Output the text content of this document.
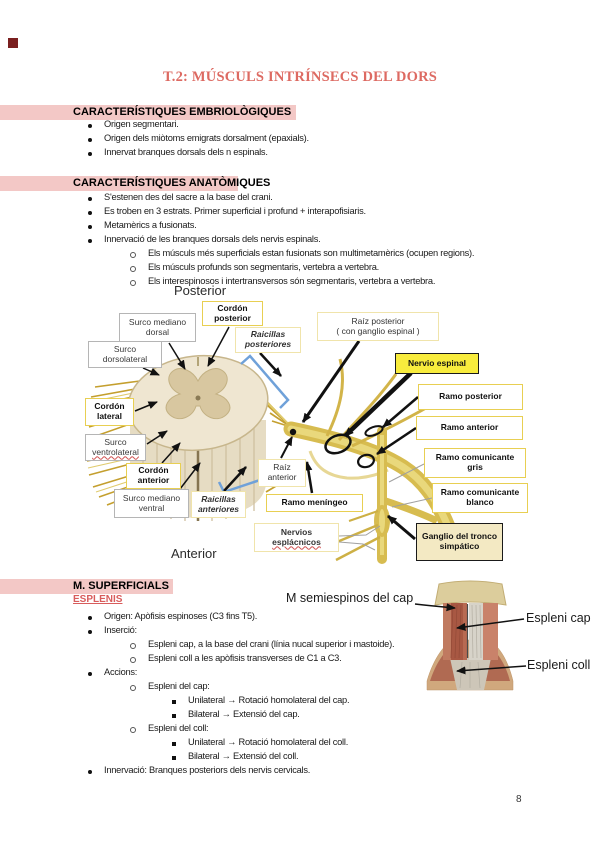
T.2: MÚSCULS INTRÍNSECS DEL DORS
CARACTERÍSTIQUES EMBRIOLÒGIQUES
Origen segmentari.
Origen dels miòtoms emigrats dorsalment (epaxials).
Innervat branques dorsals dels n espinals.
CARACTERÍSTIQUES ANATÒMIQUES
S'estenen des del sacre a la base del crani.
Es troben en 3 estrats. Primer superficial i profund + interapofisiaris.
Metamèrics a fusionats.
Innervació de les branques dorsals dels nervis espinals.
Els músculs més superficials estan fusionats son multimetamèrics (ocupen regions).
Els músculs profunds son segmentaris, vertebra a vertebra.
Els interespinosos i intertransversos són segmentaris, vertebra a vertebra.
Posterior
Anterior
Surco mediano
dorsal
Cordón
posterior
Raicillas
posteriores
Surco
dorsolateral
Raíz posterior
( con ganglio espinal )
Nervio espinal
Ramo posterior
Cordón
lateral
Ramo anterior
Surco
ventrolateral
Ramo comunicante
gris
Cordón
anterior
Raíz
anterior
Ramo comunicante
blanco
Surco mediano
ventral
Raicillas
anteriores
Ramo meníngeo
Ganglio del tronco
simpático
Nervios
esplácnicos
M. SUPERFICIALS
ESPLENIS
Origen: Apòfisis espinoses (C3 fins T5).
Inserció:
Espleni cap, a la base del crani (línia nucal superior i mastoide).
Espleni coll a les apòfisis transverses de C1 a C3.
Accions:
Espleni del cap:
Unilateral → Rotació homolateral del cap.
Bilateral → Extensió del cap.
Espleni del coll:
Unilateral → Rotació homolateral del coll.
Bilateral → Extensió del coll.
Innervació: Branques posteriors dels nervis cervicals.
M semiespinos del cap
Espleni cap
Espleni coll
8
